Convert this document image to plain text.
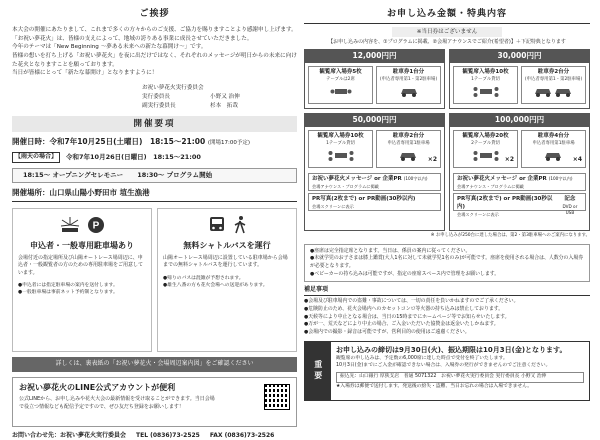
ご挨拶

本大会の開催にあたりまして、これまで多くの方々からのご支援、ご協力を賜りますことより感謝申し上げます。「お祝い夢花火」は、皆様の支えによって、地域の誇りある事業に成長させていただきました。

今年のテーマは「New Beginning ～夢ある未来への新たな幕開け～」です。

皆様の想いを打ち上げる「お祝い夢花火」を夜に出だけではなく、それぞれのメッセージが明日からの未来に向けた花火となりますことを願っております。

当日が皆様にとって「新たな幕開け」となりますように！

お祝い夢花火実行委員会
実行委員長	小野又 治伸
副実行委員長	杉本　拓哉
開催要項
開催日時：令和7年10月25日(土曜日)　18:15～21:00 (開場17:00予定)
【雨天の場合】	令和7年10月26日(日曜日)　18:15～21:00
18:15～ オープニングセレモニー 18:30～ プログラム開始
開催場所：山口県山陽小野田市 埴生漁港
P
申込者・一般専用駐車場あり

会場付近の指定場所及び山陽オートレース場周辺に、申込者・一般観覧者の方のための専用駐車場をご用意しています。

●申込者には指定駐車場の案内を送付します。
●一般駐車場は事前ネット予約制となります。
無料シャトルバスを運行

山陽オートレース場周辺に設置している駐車場から会場までの無料シャトルバスを運行しています。

●帰りのバスは混雑が予想されます。
●雄生八番の方も花火会場への送迎があります。
詳しくは、裏表紙の「お祝い夢花火・会場周辺案内図」をご確認ください
お祝い夢花火のLINE公式アカウントが便利

公式LINEから、お申し込みや花火大会の最新情報を受け取ることができます。当日会場で役立つ情報なども配信予定ですので、ぜひ友だち登録をお願いします！

お問い合わせ先：お祝い夢花火実行委員会 TEL (0836)73-2525 FAX (0836)73-2526
お申し込み金額・特典内容
※当日券はございません
【お申し込みの内容を、①プログラムに掲載、②会場アナウンスでご紹介(希望者)】＋下記特典となります
12,000円円
観覧席入場券5枚
テーブルは2席
駐車券1台分
(申込者専用第1・第2駐車場)
30,000円円
観覧席入場券10枚
1テーブル貸切
駐車券2台分
(申込者専用第1・第2駐車場)
50,000円円
観覧席入場券10枚
1テーブル貸切
駐車券2台分
申込者専用第1駐車場
×2
お祝い夢花火メッセージ or 企業PR (100字以内)
会場アナウンス・プログラムに掲載
PR写真(2枚まで) or PR動画(30秒以内)
会場スクリーンに表示
100,000円円
観覧席入場券20枚
2テーブル貸切
×2
駐車券4台分
申込者専用第1駐車場
×4
お祝い夢花火メッセージ or 企業PR (100字以内)
会場アナウンス・プログラムに掲載
PR写真(2枚まで) or PR動画(30秒以内)
会場スクリーンに表示
記念
DVD or USB
※ お申し込みが250台に達した場合は、第2・第3駐車場へのご案内になります。
●座席は完全指定席となります。当日は、係員の案内に従ってください。
●未就学児のお子さまは膝上鑑賞(大人1名に対して未就学児1名のみ)が可能です。座席を使用される場合は、人数分の入場券が必要となります。
●ベビーカーの持ち込みは可能ですが、指定の座席スペース内で管理をお願いします。
補足事項
●会場及び駐車場内での盗難・事故については、一切の責任を負いかねますのでご了承ください。
●危険防止のため、花火会場内へのカセットコンロ等火器の持ち込みは禁止しております。
●天候等により中止となる場合は、当日の15時までにホームページ等でお知らせいたします。
●万が一、荒天などにより中止の場合、ご入金いただいた協賛金は返金いたしかねます。
●会場内での撮影・録音は可能ですが、営利目的の使用はご遠慮ください。
重要
お申し込みの締切は9月30日(火)、振込期限は10月3日(金)となります。

観覧席の申し込みは、予定数の6,000席に達した時点で受付を終了いたします。

10月3日(金)までにご入金が確認できない場合は、入場券の発行ができませんのでご注意ください。

振込先：山口銀行 厚狭支店　普通 5071322　お祝い夢花火実行委員会 実行委員長 小野又 治伸

★入場券は郵便で送付します。発送後の紛失・盗難、当日お忘れの場合は入場できません。
